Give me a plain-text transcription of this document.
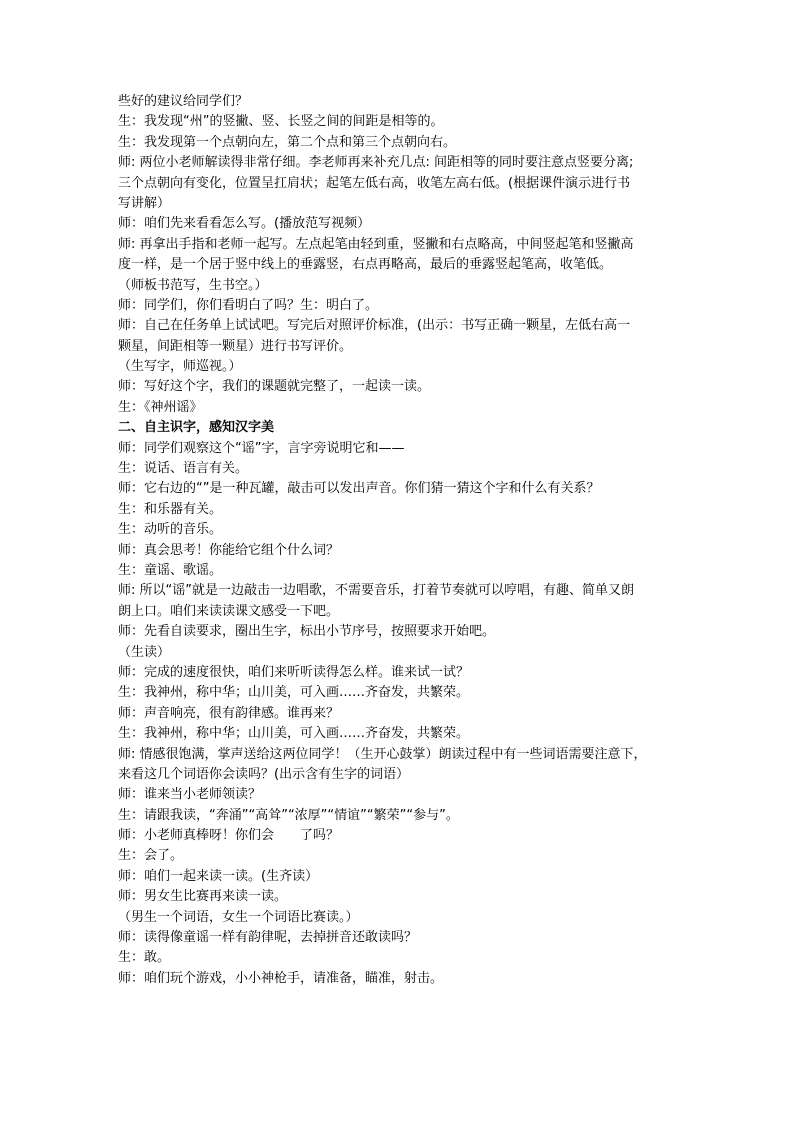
些好的建议给同学们？
生：我发现“州”的竖撇、竖、长竖之间的间距是相等的。
生：我发现第一个点朝向左，第二个点和第三个点朝向右。
师: 两位小老师解读得非常仔细。李老师再来补充几点: 间距相等的同时要注意点竖要分离;
三个点朝向有变化，位置呈扛肩状；起笔左低右高，收笔左高右低。(根据课件演示进行书
写讲解）
师：咱们先来看看怎么写。(播放范写视频）
师: 再拿出手指和老师一起写。左点起笔由轻到重，竖撇和右点略高，中间竖起笔和竖撇高
度一样，是一个居于竖中线上的垂露竖，右点再略高，最后的垂露竖起笔高，收笔低。
（师板书范写，生书空。）
师：同学们，你们看明白了吗？生：明白了。
师：自己在任务单上试试吧。写完后对照评价标准，(出示：书写正确一颗星，左低右高一
颗星，间距相等一颗星）进行书写评价。
（生写字，师巡视。）
师：写好这个字，我们的课题就完整了，一起读一读。
生：《神州谣》
二、自主识字，感知汉字美
师：同学们观察这个“谣”字，言字旁说明它和——
生：说话、语言有关。
师：它右边的“”是一种瓦罐，敲击可以发出声音。你们猜一猜这个字和什么有关系？
生：和乐器有关。
生：动听的音乐。
师：真会思考！你能给它组个什么词？
生：童谣、歌谣。
师: 所以“谣”就是一边敲击一边唱歌，不需要音乐，打着节奏就可以哼唱，有趣、简单又朗
朗上口。咱们来读读课文感受一下吧。
师：先看自读要求，圈出生字，标出小节序号，按照要求开始吧。
（生读）
师：完成的速度很快，咱们来听听读得怎么样。谁来试一试？
生：我神州，称中华；山川美，可入画……齐奋发，共繁荣。
师：声音响亮，很有韵律感。谁再来？
生：我神州，称中华；山川美，可入画……齐奋发，共繁荣。
师: 情感很饱满，掌声送给这两位同学！（生开心鼓掌）朗读过程中有一些词语需要注意下，
来看这几个词语你会读吗？(出示含有生字的词语）
师：谁来当小老师领读？
生：请跟我读，“奔涌”“高耸”“浓厚”“情谊”“繁荣”“参与”。
师：小老师真棒呀！你们会　　了吗？
生：会了。
师：咱们一起来读一读。(生齐读）
师：男女生比赛再来读一读。
（男生一个词语，女生一个词语比赛读。）
师：读得像童谣一样有韵律呢，去掉拼音还敢读吗？
生：敢。
师：咱们玩个游戏，小小神枪手，请准备，瞄准，射击。
